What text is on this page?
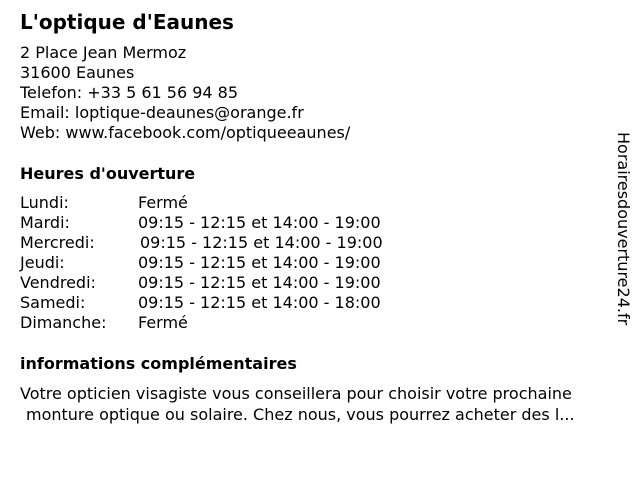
L'optique d'Eaunes
2 Place Jean Mermoz
31600 Eaunes
Telefon: +33 5 61 56 94 85
Email: loptique-deaunes@orange.fr
Web: www.facebook.com/optiqueeaunes/
Heures d'ouverture
Lundi:	Fermé
Mardi:	09:15 - 12:15 et 14:00 - 19:00
Mercredi:	09:15 - 12:15 et 14:00 - 19:00
Jeudi:	09:15 - 12:15 et 14:00 - 19:00
Vendredi:	09:15 - 12:15 et 14:00 - 19:00
Samedi:	09:15 - 12:15 et 14:00 - 18:00
Dimanche: Fermé
informations complémentaires
Votre opticien visagiste vous conseillera pour choisir votre prochaine
monture optique ou solaire. Chez nous, vous pourrez acheter des l...
Horairesdouverture24.fr
